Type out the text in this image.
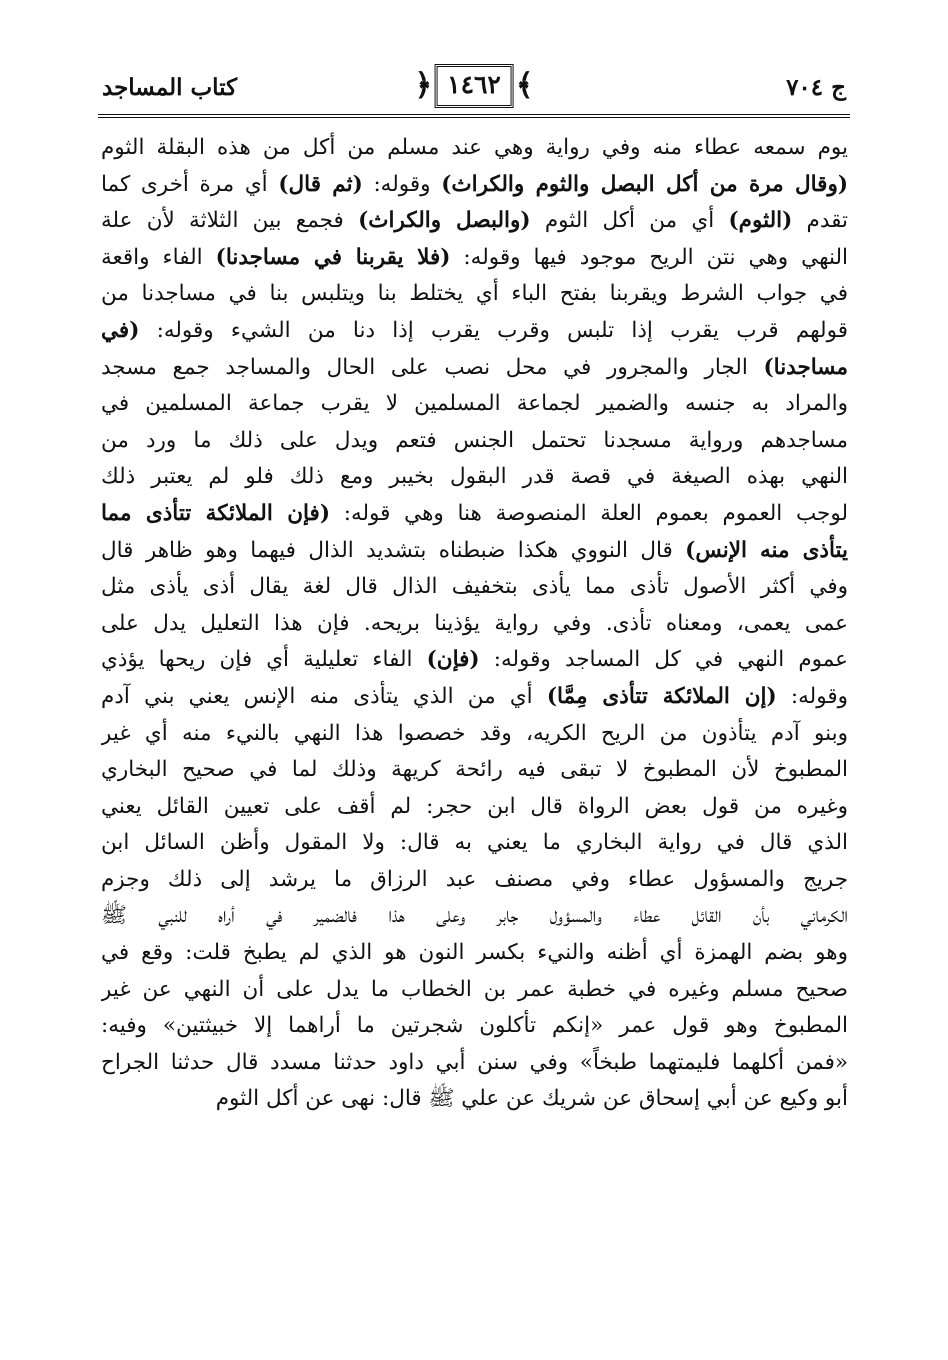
ج ٧٠٤
﴾
١٤٦٢
﴿
كتاب المساجد
يوم سمعه عطاء منه وفي رواية وهي عند مسلم من أكل من هذه البقلة الثوم
(وقال مرة من أكل البصل والثوم والكراث) وقوله: (ثم قال) أي مرة أخرى كما
تقدم (الثوم) أي من أكل الثوم (والبصل والكراث) فجمع بين الثلاثة لأن علة
النهي وهي نتن الريح موجود فيها وقوله: (فلا يقربنا في مساجدنا) الفاء واقعة
في جواب الشرط ويقربنا بفتح الباء أي يختلط بنا ويتلبس بنا في مساجدنا من
قولهم قرب يقرب إذا تلبس وقرب يقرب إذا دنا من الشيء وقوله: (في
مساجدنا) الجار والمجرور في محل نصب على الحال والمساجد جمع مسجد
والمراد به جنسه والضمير لجماعة المسلمين لا يقرب جماعة المسلمين في
مساجدهم ورواية مسجدنا تحتمل الجنس فتعم ويدل على ذلك ما ورد من
النهي بهذه الصيغة في قصة قدر البقول بخيبر ومع ذلك فلو لم يعتبر ذلك
لوجب العموم بعموم العلة المنصوصة هنا وهي قوله: (فإن الملائكة تتأذى مما
يتأذى منه الإنس) قال النووي هكذا ضبطناه بتشديد الذال فيهما وهو ظاهر قال
وفي أكثر الأصول تأذى مما يأذى بتخفيف الذال قال لغة يقال أذى يأذى مثل
عمى يعمى، ومعناه تأذى. وفي رواية يؤذينا بريحه. فإن هذا التعليل يدل على
عموم النهي في كل المساجد وقوله: (فإن) الفاء تعليلية أي فإن ريحها يؤذي
وقوله: (إن الملائكة تتأذى مِمَّا) أي من الذي يتأذى منه الإنس يعني بني آدم
وبنو آدم يتأذون من الريح الكريه، وقد خصصوا هذا النهي بالنيء منه أي غير
المطبوخ لأن المطبوخ لا تبقى فيه رائحة كريهة وذلك لما في صحيح البخاري
وغيره من قول بعض الرواة قال ابن حجر: لم أقف على تعيين القائل يعني
الذي قال في رواية البخاري ما يعني به قال: ولا المقول وأظن السائل ابن
جريج والمسؤول عطاء وفي مصنف عبد الرزاق ما يرشد إلى ذلك وجزم
الكرماني بأن القائل عطاء والمسؤول جابر وعلى هذا فالضمير في أراه للنبي ﷺ
وهو بضم الهمزة أي أظنه والنيء بكسر النون هو الذي لم يطبخ قلت: وقع في
صحيح مسلم وغيره في خطبة عمر بن الخطاب ما يدل على أن النهي عن غير
المطبوخ وهو قول عمر «إنكم تأكلون شجرتين ما أراهما إلا خبيثتين» وفيه:
«فمن أكلهما فليمتهما طبخاً» وفي سنن أبي داود حدثنا مسدد قال حدثنا الجراح
أبو وكيع عن أبي إسحاق عن شريك عن علي ﷺ قال: نهى عن أكل الثوم
